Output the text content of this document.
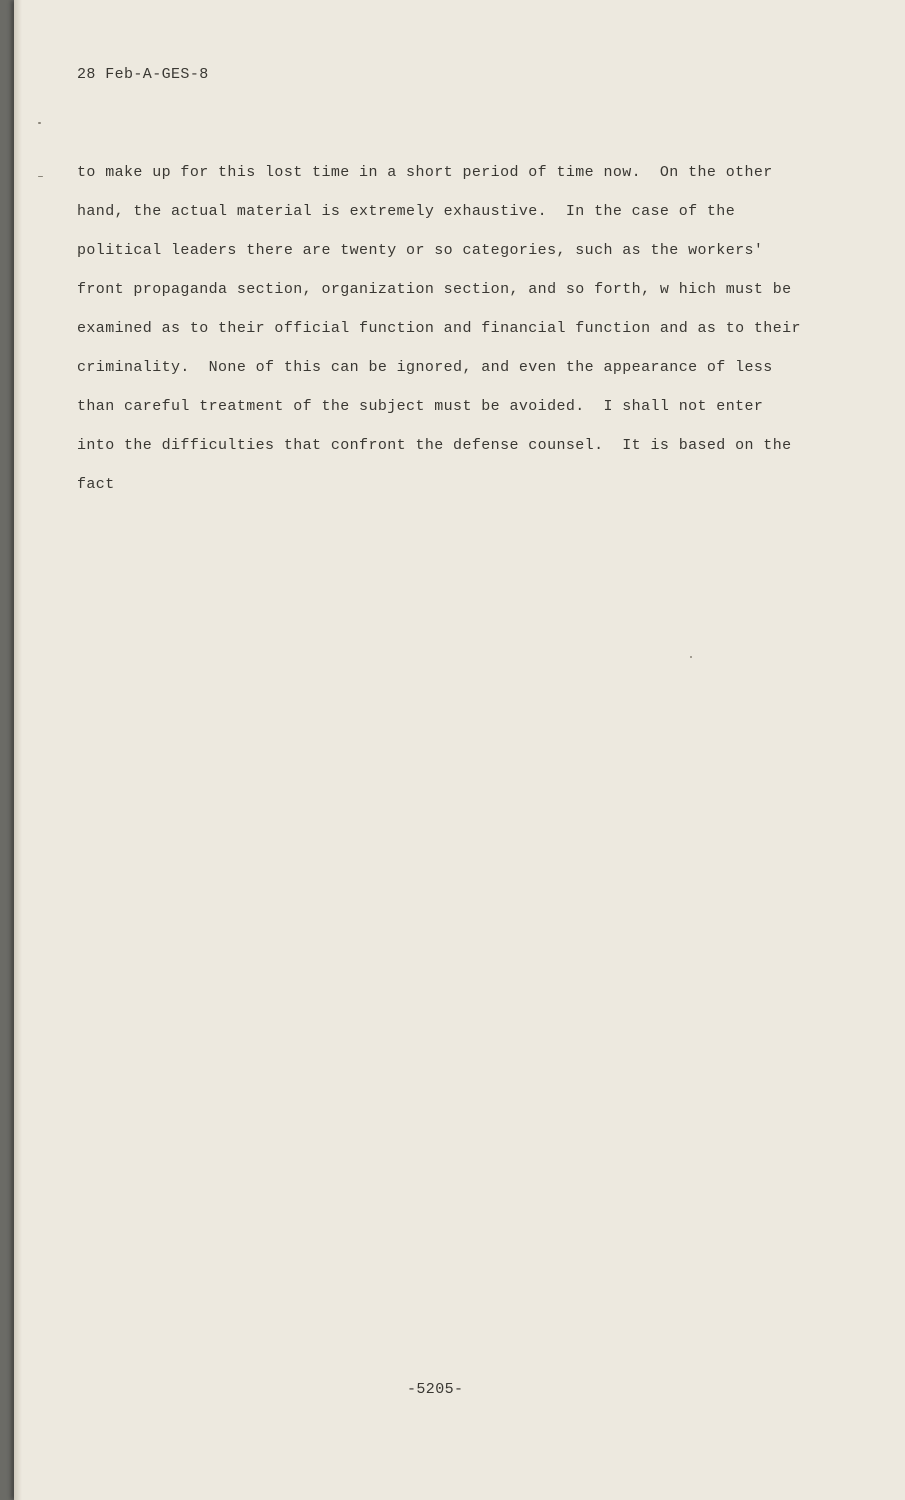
28 Feb-A-GES-8

to make up for this lost time in a short period of time now.  On the other
hand, the actual material is extremely exhaustive.  In the case of the
political leaders there are twenty or so categories, such as the workers'
front propaganda section, organization section, and so forth, w hich must be
examined as to their official function and financial function and as to their
criminality.  None of this can be ignored, and even the appearance of less
than careful treatment of the subject must be avoided.  I shall not enter
into the difficulties that confront the defense counsel.  It is based on the
fact

-5205-
